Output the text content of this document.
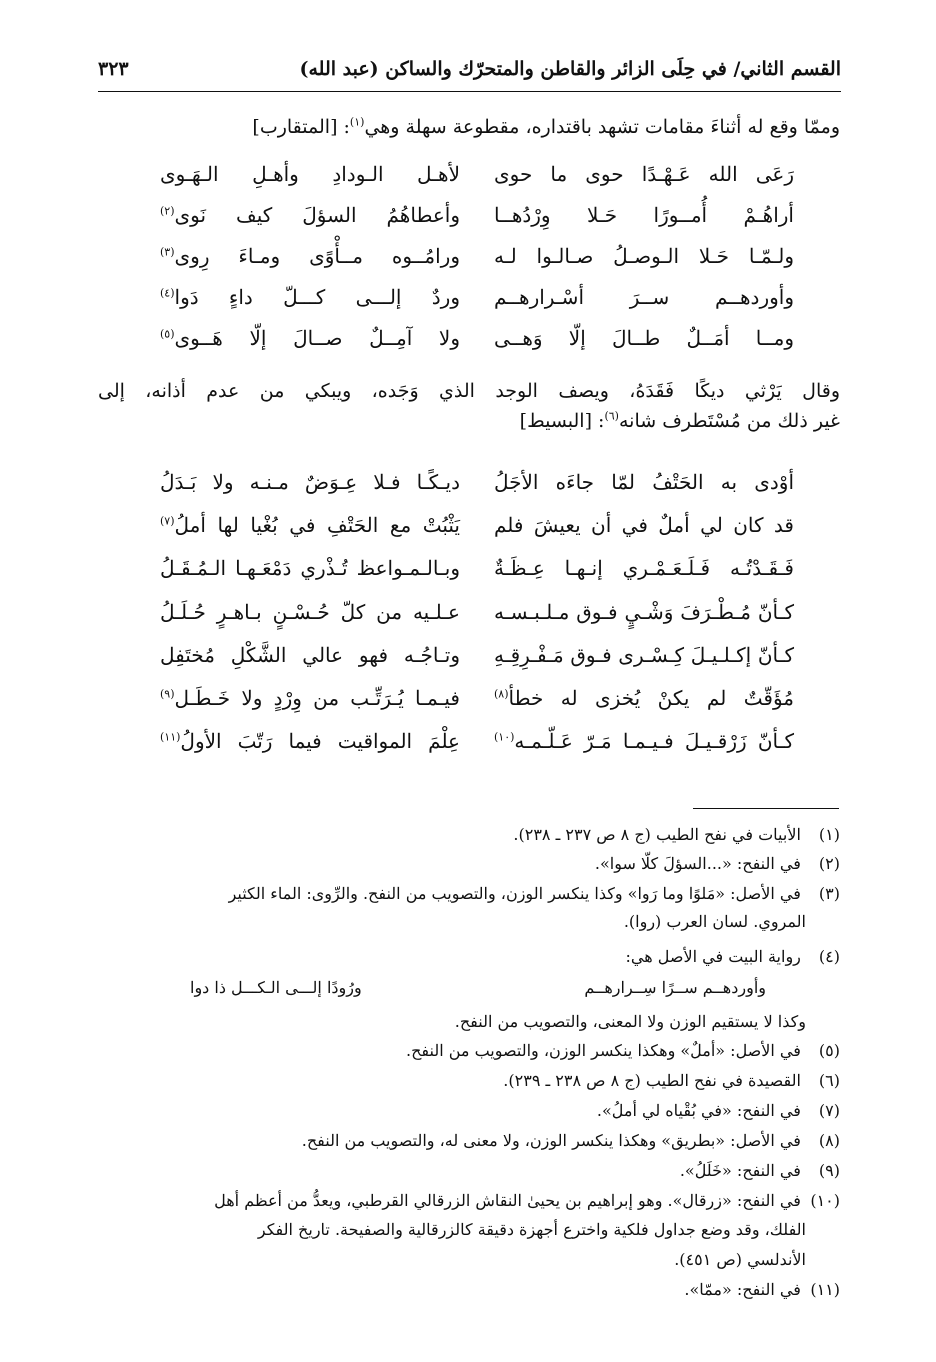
القسم الثاني/ في حِلَى الزائر والقاطن والمتحرّك والساكن (عبد الله)
٣٢٣
وممّا وقع له أثناءَ مقامات تشهد باقتداره، مقطوعة سهلة وهي$^{(١)}$: [المتقارب]
رَعَى الله عَـهْـدًا حوى ما حوى
لأهـل الـودادِ وأهـلِ الـهَـوى
أراهُـمْ أُمــورًا حَـلا وِرْدُهــا
وأعطاهُمُ السؤلَ كيف نَوى$^{(٢)}$
ولـمّـا حَـلا الـوصـلُ صـالـوا لـه
ورامُــوه مــأْوًى ومـاءَ رِوى$^{(٣)}$
وأوردهــم ســرَ أسْـرارهــم
وردٌ إلـــى كـــلّ داءٍ دَوا$^{(٤)}$
ومــا أمَــلٌ طــالَ إلّا وَهــى
ولا آمِــلٌ صــالَ إلّا هَــوى$^{(٥)}$
وقال يَرْثي ديكًا فَقَدَهُ، ويصف الوجد الذي وَجَده، ويبكي من عدم أذانه، إلى
غير ذلك من مُسْتَطرف شانه$^{(٦)}$: [البسيط]
أوْدى به الحَتْفُ لمّا جاءَه الأجَلُ
ديـكًـا فـلا عِـوَضٌ مـنـه ولا بَـدَلُ
قد كان لي أملٌ في أن يعيشَ فلم
يَثْبُتْ مع الحَتْفِ في بُغْيا لها أملُ$^{(٧)}$
فَـقَـدْتُـه فَـلَـعَـمْـري إنـهـا عِـظَـةٌ
وبـالـمـواعظ تُـذْري دَمْعَـهـا الـمُـقَـلُ
كـأنّ مُـطْـرَفَ وَشْـيٍ فـوق مـلـبـسـه
عـلـيه من كلّ حُـسْـنٍ بـاهـرٍ حُـلَـلُ
كـأنّ إكـلـيـلَ كِـسْـرى فـوق مَـفْـرِقِـهِ
وتـاجُـه فهو عالي الشَّكْلِ مُختَفِل
مُؤَقّتٌ لم يكنْ يُخزى له خطأ$^{(٨)}$
فيـمـا يُـرَتِّـب من وِرْدٍ ولا خَـطَـل$^{(٩)}$
كـأنّ زَرْقـيـلَ فـيـمـا مَـرّ عَـلّـمـه$^{(١٠)}$
عِلْمَ المواقيت فيما رَتّبَ الأولُ$^{(١١)}$
(١) الأبيات في نفح الطيب (ج ٨ ص ٢٣٧ ـ ٢٣٨).
(٢) في النفح: «...السؤلَ كلّا سوا».
(٣) في الأصل: «مَلوًا وما رَوا» وكذا ينكسر الوزن، والتصويب من النفح. والرِّوى: الماء الكثير
المروي. لسان العرب (روا).
(٤) رواية البيت في الأصل هي:
وأوردهــم ســرًا سِــرارهــم
ورُودًا إلـــى الـكـــل ذا دوا
وكذا لا يستقيم الوزن ولا المعنى، والتصويب من النفح.
(٥) في الأصل: «أملٌ» وهكذا ينكسر الوزن، والتصويب من النفح.
(٦) القصيدة في نفح الطيب (ج ٨ ص ٢٣٨ ـ ٢٣٩).
(٧) في النفح: «في بُقْياه لي أملُ».
(٨) في الأصل: «بطريق» وهكذا ينكسر الوزن، ولا معنى له، والتصويب من النفح.
(٩) في النفح: «خَلَلُ».
(١٠) في النفح: «زرقال». وهو إبراهيم بن يحيىٰ النقاش الزرقالي القرطبي، ويعدُّ من أعظم أهل
الفلك، وقد وضع جداول فلكية واخترع أجهزة دقيقة كالزرقالية والصفيحة. تاريخ الفكر
الأندلسي (ص ٤٥١).
(١١) في النفح: «ممّا».
